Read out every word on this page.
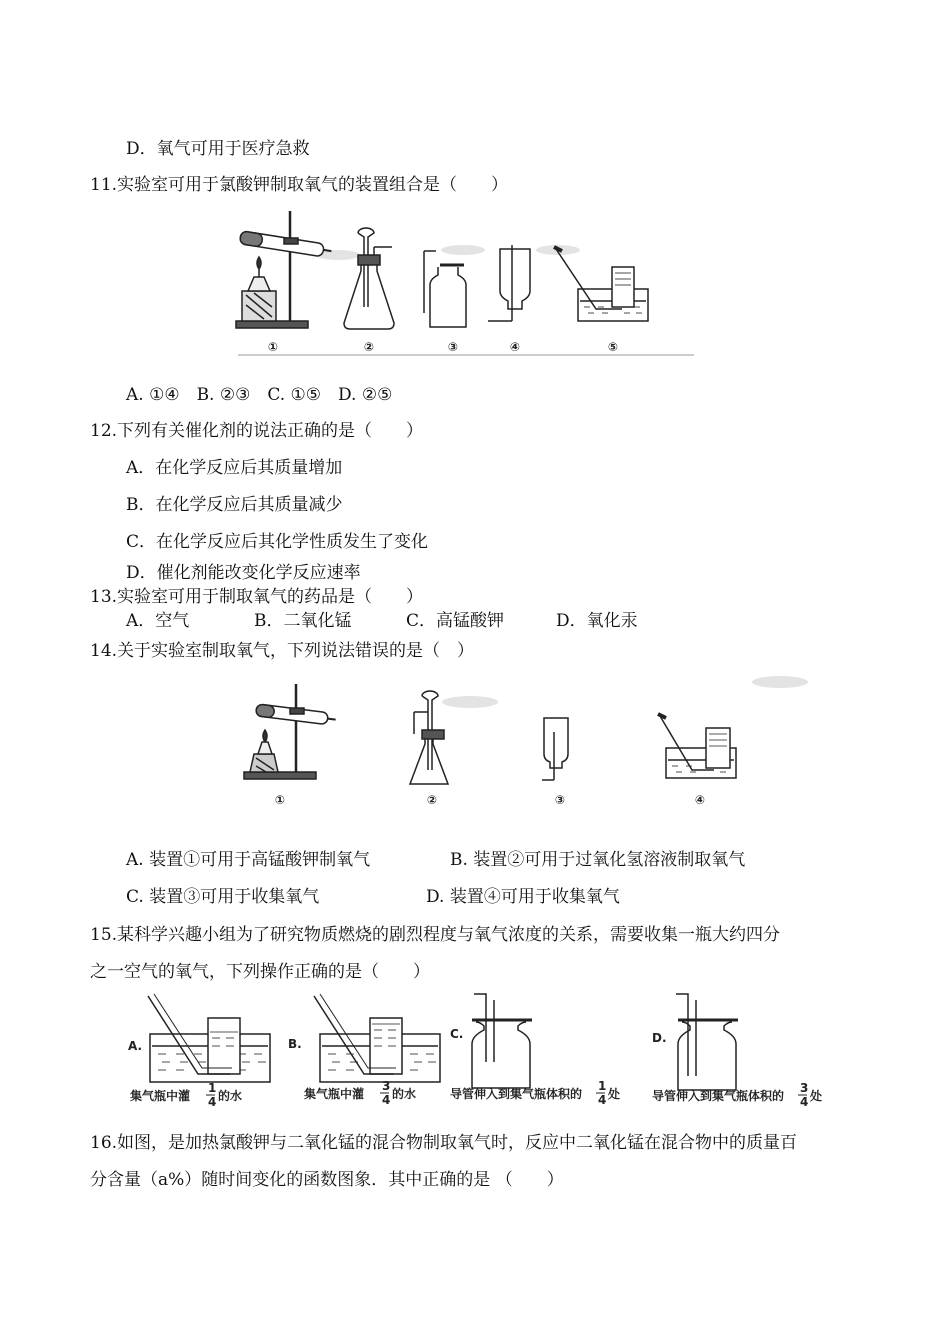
D．氧气可用于医疗急救
11.实验室可用于氯酸钾制取氧气的装置组合是（　　）
①	②	③	④	⑤
A. ①④　B. ②③　C. ①⑤　D. ②⑤
12.下列有关催化剂的说法正确的是（　　）
A．在化学反应后其质量增加
B．在化学反应后其质量减少
C．在化学反应后其化学性质发生了变化
D．催化剂能改变化学反应速率
13.实验室可用于制取氧气的药品是（　　）
A．空气	B．二氧化锰	C．高锰酸钾	D．氧化汞
14.关于实验室制取氧气，下列说法错误的是（　）
①	②	③	④
A. 装置①可用于高锰酸钾制氧气	B. 装置②可用于过氧化氢溶液制取氧气
C. 装置③可用于收集氧气	D. 装置④可用于收集氧气
15.某科学兴趣小组为了研究物质燃烧的剧烈程度与氧气浓度的关系，需要收集一瓶大约四分
之一空气的氧气，下列操作正确的是（　　）
A.
集气瓶中灌
1
4 的水
B.
集气瓶中灌
3
4 的水
C.
导管伸入到集气瓶体积的
1
4 处
D.
导管伸入到集气瓶体积的
3
4 处
16.如图，是加热氯酸钾与二氧化锰的混合物制取氧气时，反应中二氧化锰在混合物中的质量百
分含量（a%）随时间变化的函数图象．其中正确的是 （　　）
